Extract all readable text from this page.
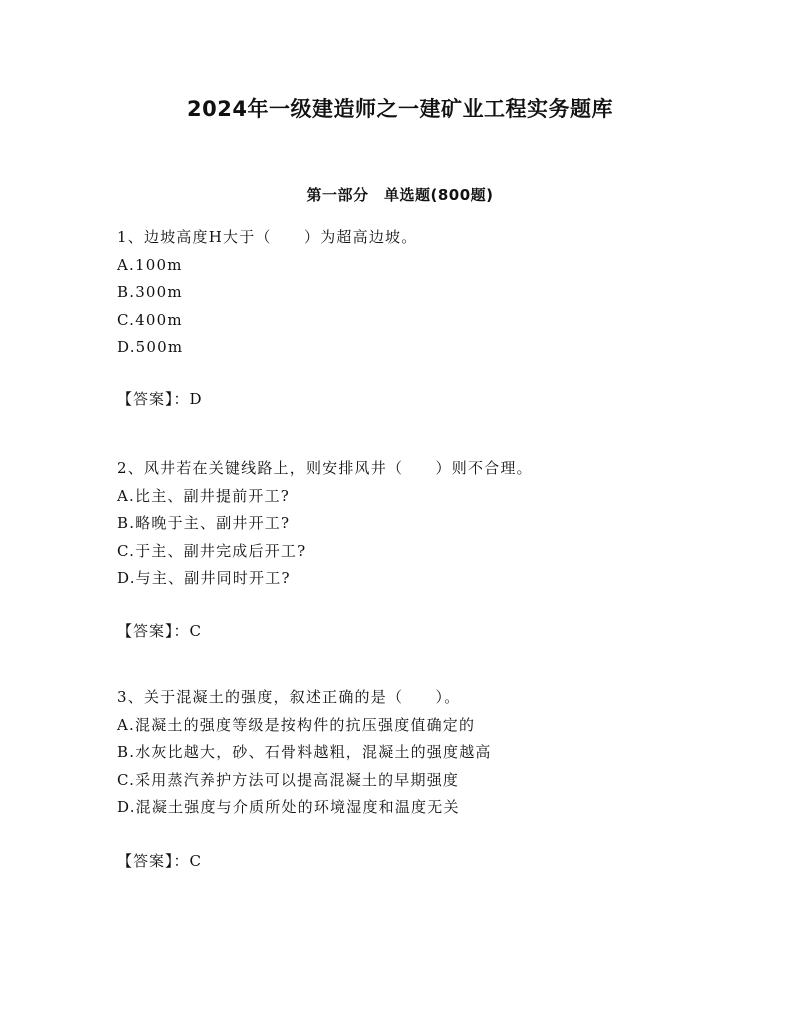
2024年一级建造师之一建矿业工程实务题库
第一部分　单选题(800题)
1、边坡高度H大于（　　）为超高边坡。
A.100m
B.300m
C.400m
D.500m
【答案】：D
2、风井若在关键线路上，则安排风井（　　）则不合理。
A.比主、副井提前开工?
B.略晚于主、副井开工?
C.于主、副井完成后开工?
D.与主、副井同时开工?
【答案】：C
3、关于混凝土的强度，叙述正确的是（　　）。
A.混凝土的强度等级是按构件的抗压强度值确定的
B.水灰比越大，砂、石骨料越粗，混凝土的强度越高
C.采用蒸汽养护方法可以提高混凝土的早期强度
D.混凝土强度与介质所处的环境湿度和温度无关
【答案】：C
